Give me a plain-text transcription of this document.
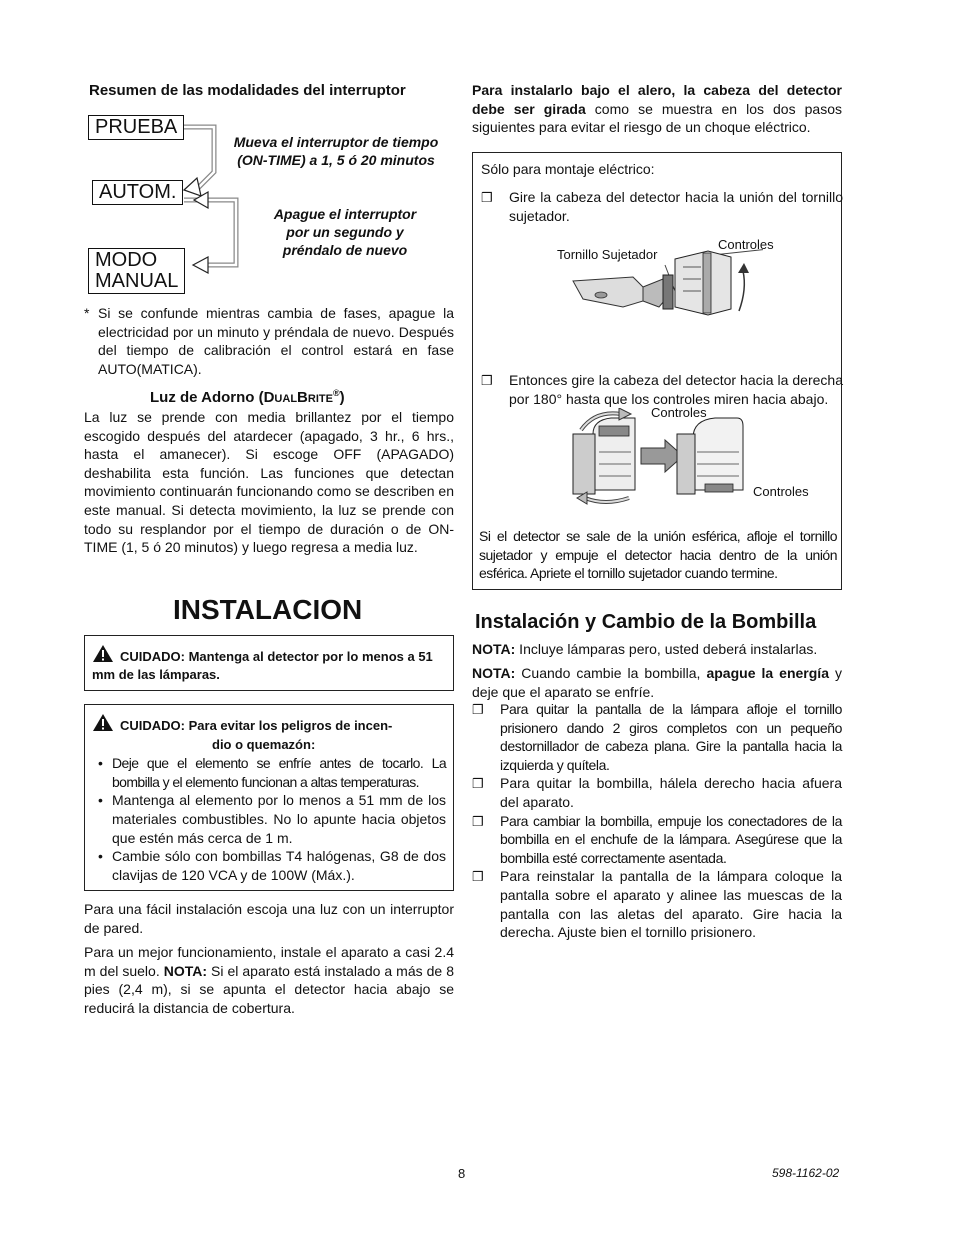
Resumen de las modalidades del interruptor
PRUEBA
AUTOM.
MODO
MANUAL
Mueva el interruptor de tiempo
(ON-TIME) a 1, 5 ó 20 minutos
Apague el interruptor
por un segundo y
préndalo de nuevo
* Si se confunde mientras cambia de fases, apague la electricidad por un minuto y préndala de nuevo. Después del tiempo de calibración el control estará en fase AUTO(MATICA).
Luz de Adorno (DualBrite®)
La luz se prende con media brillantez por el tiempo escogido después del atardecer (apagado, 3 hr., 6 hrs., hasta el amanecer). Si escoge OFF (APAGADO) deshabilita esta función. Las funciones que detectan movimiento continuarán funcionando como se describen en este manual. Si detecta movimiento, la luz se prende con todo su resplandor por el tiempo de duración o de ON-TIME (1, 5 ó 20 minutos) y luego regresa a media luz.
INSTALACION
CUIDADO: Mantenga al detector por lo menos a 51 mm de las lámparas.
CUIDADO: Para evitar los peligros de incen-
dio o quemazón:
• Deje que el elemento se enfríe antes de tocarlo. La bombilla y el elemento funcionan a altas temperaturas.
• Mantenga al elemento por lo menos a 51 mm de los materiales combustibles. No lo apunte hacia objetos que estén más cerca de 1 m.
• Cambie sólo con bombillas T4 halógenas, G8 de dos clavijas de 120 VCA y de 100W (Máx.).
Para una fácil instalación escoja una luz con un interruptor de pared.
Para un mejor funcionamiento, instale el aparato a casi 2.4 m del suelo. NOTA: Si el aparato está instalado a más de 8 pies (2,4 m), si se apunta el detector hacia abajo se reducirá la distancia de cobertura.
Para instalarlo bajo el alero, la cabeza del detector debe ser girada como se muestra en los dos pasos siguientes para evitar el riesgo de un choque eléctrico.
Sólo para montaje eléctrico:
❒ Gire la cabeza del detector hacia la unión del tornillo sujetador.
Tornillo Sujetador
Controles
❒ Entonces gire la cabeza del detector hacia la derecha por 180° hasta que los controles miren hacia abajo.
Controles
Controles
Si el detector se sale de la unión esférica, afloje el tornillo sujetador y empuje el detector hacia dentro de la unión esférica. Apriete el tornillo sujetador cuando termine.
Instalación y Cambio de la Bombilla
NOTA: Incluye lámparas pero, usted deberá instalarlas.
NOTA: Cuando cambie la bombilla, apague la energía y deje que el aparato se enfríe.
❒ Para quitar la pantalla de la lámpara afloje el tornillo prisionero dando 2 giros completos con un pequeño destornillador de cabeza plana. Gire la pantalla hacia la izquierda y quítela.
❒ Para quitar la bombilla, hálela derecho hacia afuera del aparato.
❒ Para cambiar la bombilla, empuje los conectadores de la bombilla en el enchufe de la lámpara. Asegúrese que la bombilla esté correctamente asentada.
❒ Para reinstalar la pantalla de la lámpara coloque la pantalla sobre el aparato y alinee las muescas de la pantalla con las aletas del aparato. Gire hacia la derecha. Ajuste bien el tornillo prisionero.
8	598-1162-02
